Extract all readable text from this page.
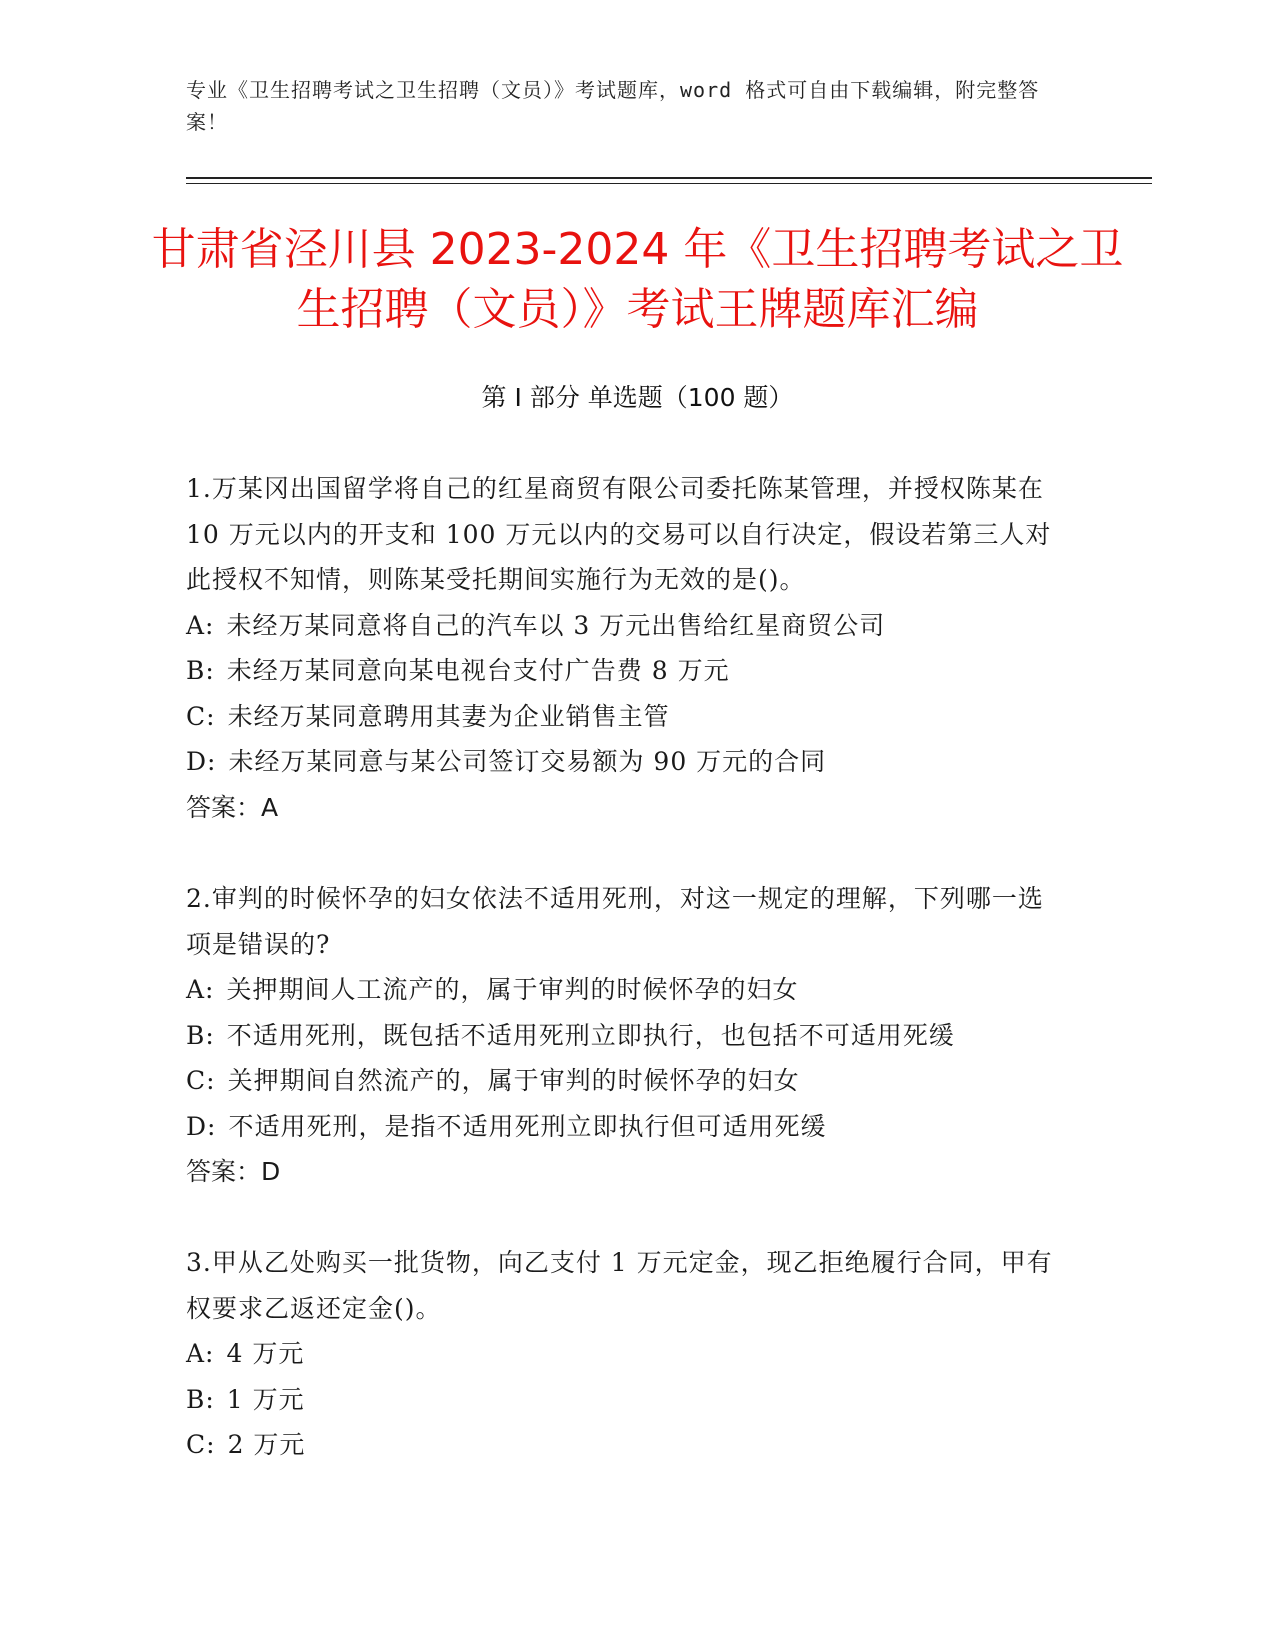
专业《卫生招聘考试之卫生招聘（文员）》考试题库，word 格式可自由下载编辑，附完整答案！
甘肃省泾川县 2023-2024 年《卫生招聘考试之卫生招聘（文员）》考试王牌题库汇编
第 I 部分 单选题（100 题）

1.万某冈出国留学将自己的红星商贸有限公司委托陈某管理，并授权陈某在 10 万元以内的开支和 100 万元以内的交易可以自行决定，假设若第三人对此授权不知情，则陈某受托期间实施行为无效的是()。

A: 未经万某同意将自己的汽车以 3 万元出售给红星商贸公司

B: 未经万某同意向某电视台支付广告费 8 万元

C: 未经万某同意聘用其妻为企业销售主管

D: 未经万某同意与某公司签订交易额为 90 万元的合同

答案：A

2.审判的时候怀孕的妇女依法不适用死刑，对这一规定的理解，下列哪一选项是错误的?

A: 关押期间人工流产的，属于审判的时候怀孕的妇女

B: 不适用死刑，既包括不适用死刑立即执行，也包括不可适用死缓

C: 关押期间自然流产的，属于审判的时候怀孕的妇女

D: 不适用死刑，是指不适用死刑立即执行但可适用死缓

答案：D

3.甲从乙处购买一批货物，向乙支付 1 万元定金，现乙拒绝履行合同，甲有权要求乙返还定金()。

A: 4 万元

B: 1 万元

C: 2 万元
